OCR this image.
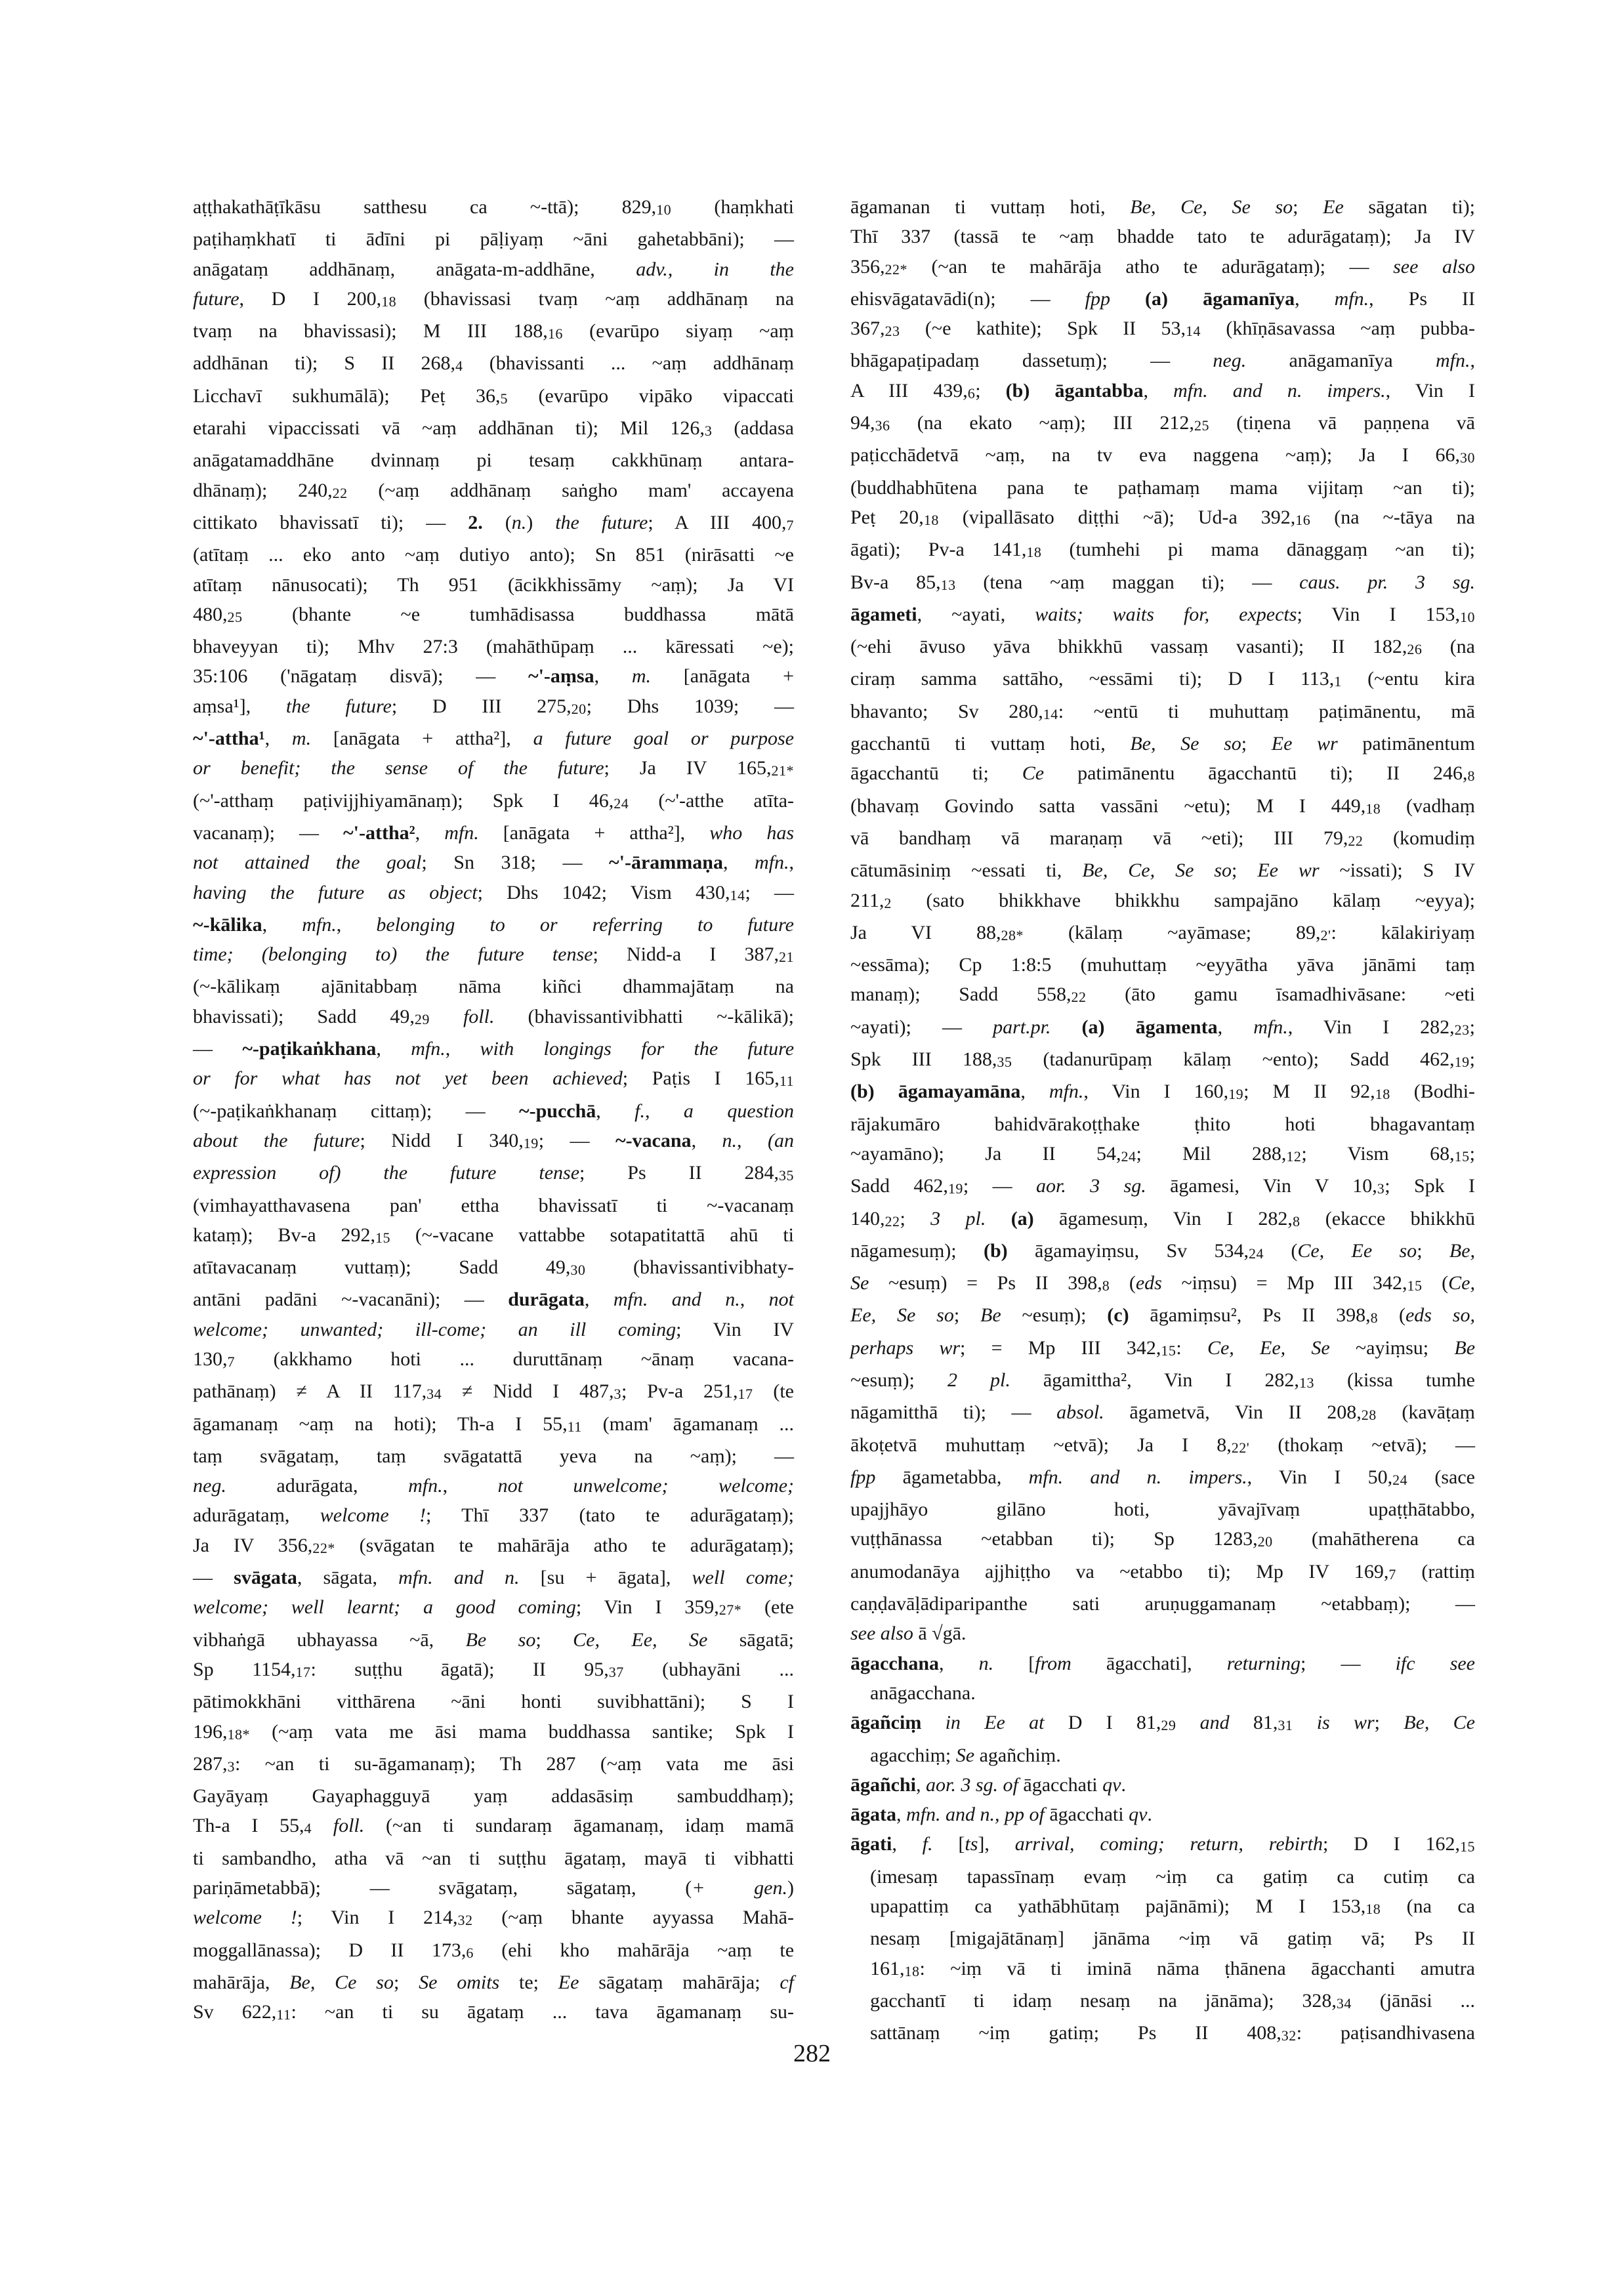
aṭṭhakathāṭīkāsu satthesu ca ~-ttā); 829,10 (haṃkhati
paṭihaṃkhatī ti ādīni pi pāḷiyaṃ ~āni gahetabbāni); —
anāgataṃ addhānaṃ, anāgata-m-addhāne, adv., in the
future, D I 200,18 (bhavissasi tvaṃ ~aṃ addhānaṃ na
tvaṃ na bhavissasi); M III 188,16 (evarūpo siyaṃ ~aṃ
addhānan ti); S II 268,4 (bhavissanti ... ~aṃ addhānaṃ
Licchavī sukhumālā); Peṭ 36,5 (evarūpo vipāko vipaccati
etarahi vipaccissati vā ~aṃ addhānan ti); Mil 126,3 (addasa
anāgatamaddhāne dvinnaṃ pi tesaṃ cakkhūnaṃ antara-
dhānaṃ); 240,22 (~aṃ addhānaṃ saṅgho mam' accayena
cittikato bhavissatī ti); — 2. (n.) the future; A III 400,7
(atītaṃ ... eko anto ~aṃ dutiyo anto); Sn 851 (nirāsatti ~e
atītaṃ nānusocati); Th 951 (ācikkhissāmy ~aṃ); Ja VI
480,25 (bhante ~e tumhādisassa buddhassa mātā
bhaveyyan ti); Mhv 27:3 (mahāthūpaṃ ... kāressati ~e);
35:106 ('nāgataṃ disvā); — ~'-aṃsa, m. [anāgata +
aṃsa¹], the future; D III 275,20; Dhs 1039; —
~'-attha¹, m. [anāgata + attha²], a future goal or purpose
or benefit; the sense of the future; Ja IV 165,21*
(~'-atthaṃ paṭivijjhiyamānaṃ); Spk I 46,24 (~'-atthe atīta-
vacanaṃ); — ~'-attha², mfn. [anāgata + attha²], who has
not attained the goal; Sn 318; — ~'-ārammaṇa, mfn.,
having the future as object; Dhs 1042; Vism 430,14; —
~-kālika, mfn., belonging to or referring to future
time; (belonging to) the future tense; Nidd-a I 387,21
(~-kālikaṃ ajānitabbaṃ nāma kiñci dhammajātaṃ na
bhavissati); Sadd 49,29 foll. (bhavissantivibhatti ~-kālikā);
— ~-paṭikaṅkhana, mfn., with longings for the future
or for what has not yet been achieved; Paṭis I 165,11
(~-paṭikaṅkhanaṃ cittaṃ); — ~-pucchā, f., a question
about the future; Nidd I 340,19; — ~-vacana, n., (an
expression of) the future tense; Ps II 284,35
(vimhayatthavasena pan' ettha bhavissatī ti ~-vacanaṃ
kataṃ); Bv-a 292,15 (~-vacane vattabbe sotapatitattā ahū ti
atītavacanaṃ vuttaṃ); Sadd 49,30 (bhavissantivibhaty-
antāni padāni ~-vacanāni); — durāgata, mfn. and n., not
welcome; unwanted; ill-come; an ill coming; Vin IV
130,7 (akkhamo hoti ... duruttānaṃ ~ānaṃ vacana-
pathānaṃ) ≠ A II 117,34 ≠ Nidd I 487,3; Pv-a 251,17 (te
āgamanaṃ ~aṃ na hoti); Th-a I 55,11 (mam' āgamanaṃ ...
taṃ svāgataṃ, taṃ svāgatattā yeva na ~aṃ); —
neg. adurāgata, mfn., not unwelcome; welcome;
adurāgataṃ, welcome !; Thī 337 (tato te adurāgataṃ);
Ja IV 356,22* (svāgatan te mahārāja atho te adurāgataṃ);
— svāgata, sāgata, mfn. and n. [su + āgata], well come;
welcome; well learnt; a good coming; Vin I 359,27* (ete
vibhaṅgā ubhayassa ~ā, Be so; Ce, Ee, Se sāgatā;
Sp 1154,17: suṭṭhu āgatā); II 95,37 (ubhayāni ...
pātimokkhāni vitthārena ~āni honti suvibhattāni); S I
196,18* (~aṃ vata me āsi mama buddhassa santike; Spk I
287,3: ~an ti su-āgamanaṃ); Th 287 (~aṃ vata me āsi
Gayāyaṃ Gayaphagguyā yaṃ addasāsiṃ sambuddhaṃ);
Th-a I 55,4 foll. (~an ti sundaraṃ āgamanaṃ, idaṃ mamā
ti sambandho, atha vā ~an ti suṭṭhu āgataṃ, mayā ti vibhatti
pariṇāmetabbā); — svāgataṃ, sāgataṃ, (+ gen.)
welcome !; Vin I 214,32 (~aṃ bhante ayyassa Mahā-
moggallānassa); D II 173,6 (ehi kho mahārāja ~aṃ te
mahārāja, Be, Ce so; Se omits te; Ee sāgataṃ mahārāja; cf
Sv 622,11: ~an ti su āgataṃ ... tava āgamanaṃ su-
āgamanan ti vuttaṃ hoti, Be, Ce, Se so; Ee sāgatan ti);
Thī 337 (tassā te ~aṃ bhadde tato te adurāgataṃ); Ja IV
356,22* (~an te mahārāja atho te adurāgataṃ); — see also
ehisvāgatavādi(n); — fpp (a) āgamanīya, mfn., Ps II
367,23 (~e kathite); Spk II 53,14 (khīṇāsavassa ~aṃ pubba-
bhāgapaṭipadaṃ dassetuṃ); — neg. anāgamanīya mfn.,
A III 439,6; (b) āgantabba, mfn. and n. impers., Vin I
94,36 (na ekato ~aṃ); III 212,25 (tiṇena vā paṇṇena vā
paṭicchādetvā ~aṃ, na tv eva naggena ~aṃ); Ja I 66,30
(buddhabhūtena pana te paṭhamaṃ mama vijitaṃ ~an ti);
Peṭ 20,18 (vipallāsato diṭṭhi ~ā); Ud-a 392,16 (na ~-tāya na
āgati); Pv-a 141,18 (tumhehi pi mama dānaggaṃ ~an ti);
Bv-a 85,13 (tena ~aṃ maggan ti); — caus. pr. 3 sg.
āgameti, ~ayati, waits; waits for, expects; Vin I 153,10
(~ehi āvuso yāva bhikkhū vassaṃ vasanti); II 182,26 (na
ciraṃ samma sattāho, ~essāmi ti); D I 113,1 (~entu kira
bhavanto; Sv 280,14: ~entū ti muhuttaṃ paṭimānentu, mā
gacchantū ti vuttaṃ hoti, Be, Se so; Ee wr patimānentum
āgacchantū ti; Ce patimānentu āgacchantū ti); II 246,8
(bhavaṃ Govindo satta vassāni ~etu); M I 449,18 (vadhaṃ
vā bandhaṃ vā maraṇaṃ vā ~eti); III 79,22 (komudiṃ
cātumāsiniṃ ~essati ti, Be, Ce, Se so; Ee wr ~issati); S IV
211,2 (sato bhikkhave bhikkhu sampajāno kālaṃ ~eyya);
Ja VI 88,28* (kālaṃ ~ayāmase; 89,2': kālakiriyaṃ
~essāma); Cp 1:8:5 (muhuttaṃ ~eyyātha yāva jānāmi taṃ
manaṃ); Sadd 558,22 (āto gamu īsamadhivāsane: ~eti
~ayati); — part.pr. (a) āgamenta, mfn., Vin I 282,23;
Spk III 188,35 (tadanurūpaṃ kālaṃ ~ento); Sadd 462,19;
(b) āgamayamāna, mfn., Vin I 160,19; M II 92,18 (Bodhi-
rājakumāro bahidvārakoṭṭhake ṭhito hoti bhagavantaṃ
~ayamāno); Ja II 54,24; Mil 288,12; Vism 68,15;
Sadd 462,19; — aor. 3 sg. āgamesi, Vin V 10,3; Spk I
140,22; 3 pl. (a) āgamesuṃ, Vin I 282,8 (ekacce bhikkhū
nāgamesuṃ); (b) āgamayiṃsu, Sv 534,24 (Ce, Ee so; Be,
Se ~esuṃ) = Ps II 398,8 (eds ~iṃsu) = Mp III 342,15 (Ce,
Ee, Se so; Be ~esuṃ); (c) āgamiṃsu², Ps II 398,8 (eds so,
perhaps wr; = Mp III 342,15: Ce, Ee, Se ~ayiṃsu; Be
~esuṃ); 2 pl. āgamittha², Vin I 282,13 (kissa tumhe
nāgamitthā ti); — absol. āgametvā, Vin II 208,28 (kavāṭaṃ
ākoṭetvā muhuttaṃ ~etvā); Ja I 8,22' (thokaṃ ~etvā); —
fpp āgametabba, mfn. and n. impers., Vin I 50,24 (sace
upajjhāyo gilāno hoti, yāvajīvaṃ upaṭṭhātabbo,
vuṭṭhānassa ~etabban ti); Sp 1283,20 (mahātherena ca
anumodanāya ajjhiṭṭho va ~etabbo ti); Mp IV 169,7 (rattiṃ
caṇḍavāḷādiparipanthe sati aruṇuggamanaṃ ~etabbaṃ); —
see also ā √gā.
āgacchana, n. [from āgacchati], returning; — ifc see
anāgacchana.
āgañciṃ in Ee at D I 81,29 and 81,31 is wr; Be, Ce
agacchiṃ; Se agañchiṃ.
āgañchi, aor. 3 sg. of āgacchati qv.
āgata, mfn. and n., pp of āgacchati qv.
āgati, f. [ts], arrival, coming; return, rebirth; D I 162,15
(imesaṃ tapassīnaṃ evaṃ ~iṃ ca gatiṃ ca cutiṃ ca
upapattiṃ ca yathābhūtaṃ pajānāmi); M I 153,18 (na ca
nesaṃ [migajātānaṃ] jānāma ~iṃ vā gatiṃ vā; Ps II
161,18: ~iṃ vā ti iminā nāma ṭhānena āgacchanti amutra
gacchantī ti idaṃ nesaṃ na jānāma); 328,34 (jānāsi ...
sattānaṃ ~iṃ gatiṃ; Ps II 408,32: paṭisandhivasena
282
